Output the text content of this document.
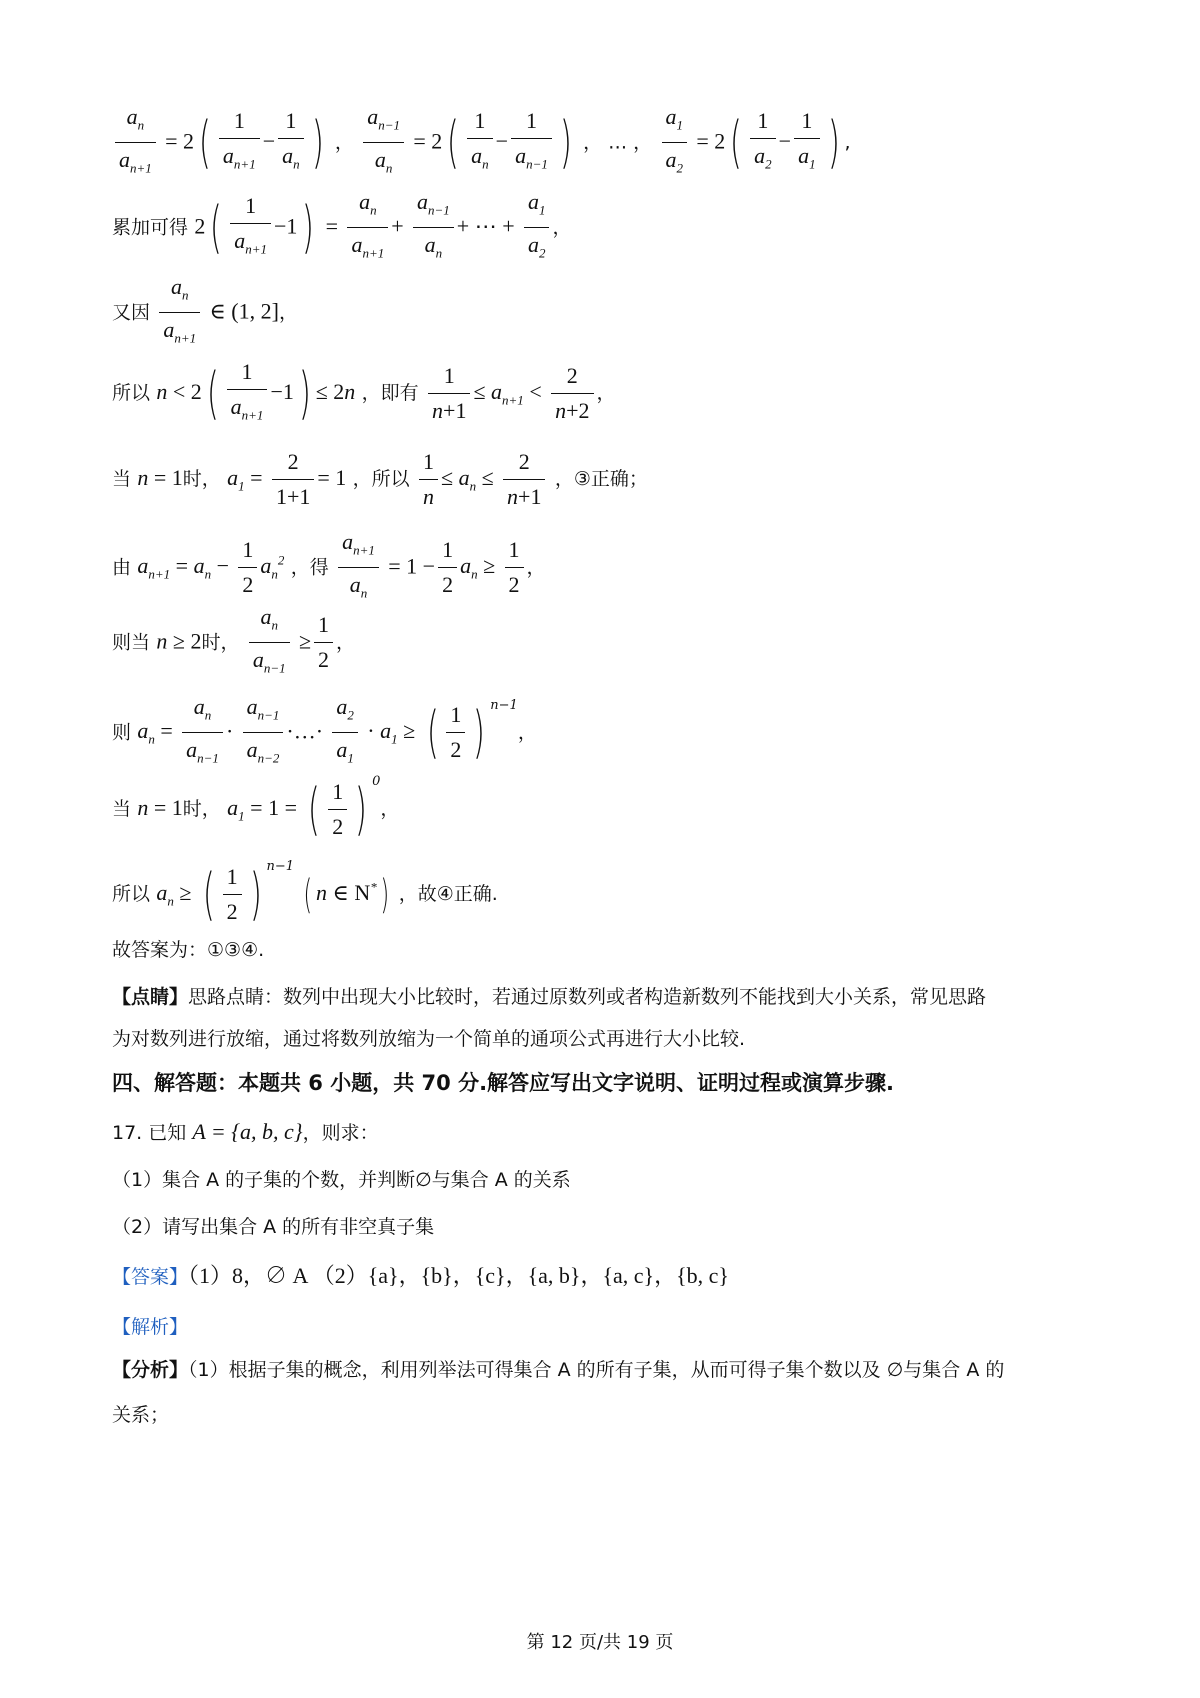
$\frac{a_n}{a_{n+1}} = 2( \frac{1}{a_{n+1}} - \frac{1}{a_n}$ ) ， $\frac{a_{n-1}}{a_n} = 2( \frac{1}{a_n} - \frac{1}{a_{n-1}}$ ) ， … ， $\frac{a_1}{a_2} = 2( \frac{1}{a_2} - \frac{1}{a_1}$ ) ,
累加可得 $2( \frac{1}{a_{n+1}} -1) = \frac{a_n}{a_{n+1}} + \frac{a_{n-1}}{a_n}$ + ⋯ + $\frac{a_1}{a_2}$ ，
又因 $\frac{a_n}{a_{n+1}}$ ∈ (1, 2]，
所以 $n < 2( \frac{1}{a_{n+1}} -1) \le 2n$ ，即有 $\frac{1}{n+1} \le a_{n+1} < \frac{2}{n+2}$ ，
当 n = 1时， $a_1 = \frac{2}{1+1} = 1$ ，所以 $\frac{1}{n} \le a_n \le \frac{2}{n+1}$ ，③正确；
由 $a_{n+1} = a_n - \frac{1}{2} a_n^2$ ，得 $\frac{a_{n+1}}{a_n} = 1 - \frac{1}{2} a_n \ge \frac{1}{2}$ ，
则当 n ≥ 2时， $\frac{a_n}{a_{n-1}} \ge \frac{1}{2}$ ，
则 $a_n = \frac{a_n}{a_{n-1}} \cdot \frac{a_{n-1}}{a_{n-2}}$ ·…· $\frac{a_2}{a_1} \cdot a_1$ ≥ ( $\frac{1}{2}$ ) $^{n-1}$，
当 n = 1时， $a_1 = 1$ = ( $\frac{1}{2}$ ) $^0$，
所以 $a_n$ ≥ ( $\frac{1}{2}$ ) $^{n-1}$ ( n ∈ N*) ，故④正确.
故答案为：①③④.
【点睛】思路点睛：数列中出现大小比较时，若通过原数列或者构造新数列不能找到大小关系，常见思路
为对数列进行放缩，通过将数列放缩为一个简单的通项公式再进行大小比较.
四、解答题：本题共 6 小题，共 70 分.解答应写出文字说明、证明过程或演算步骤.
17. 已知 A = {a, b, c}，则求：
（1）集合 A 的子集的个数，并判断∅与集合 A 的关系
（2）请写出集合 A 的所有非空真子集
【答案】（1）8，∅ A （2）{a}，{b}，{c}，{a, b}，{a, c}，{b, c}
【解析】
【分析】（1）根据子集的概念，利用列举法可得集合 A 的所有子集，从而可得子集个数以及 ∅与集合 A 的
关系；
第 12 页/共 19 页
